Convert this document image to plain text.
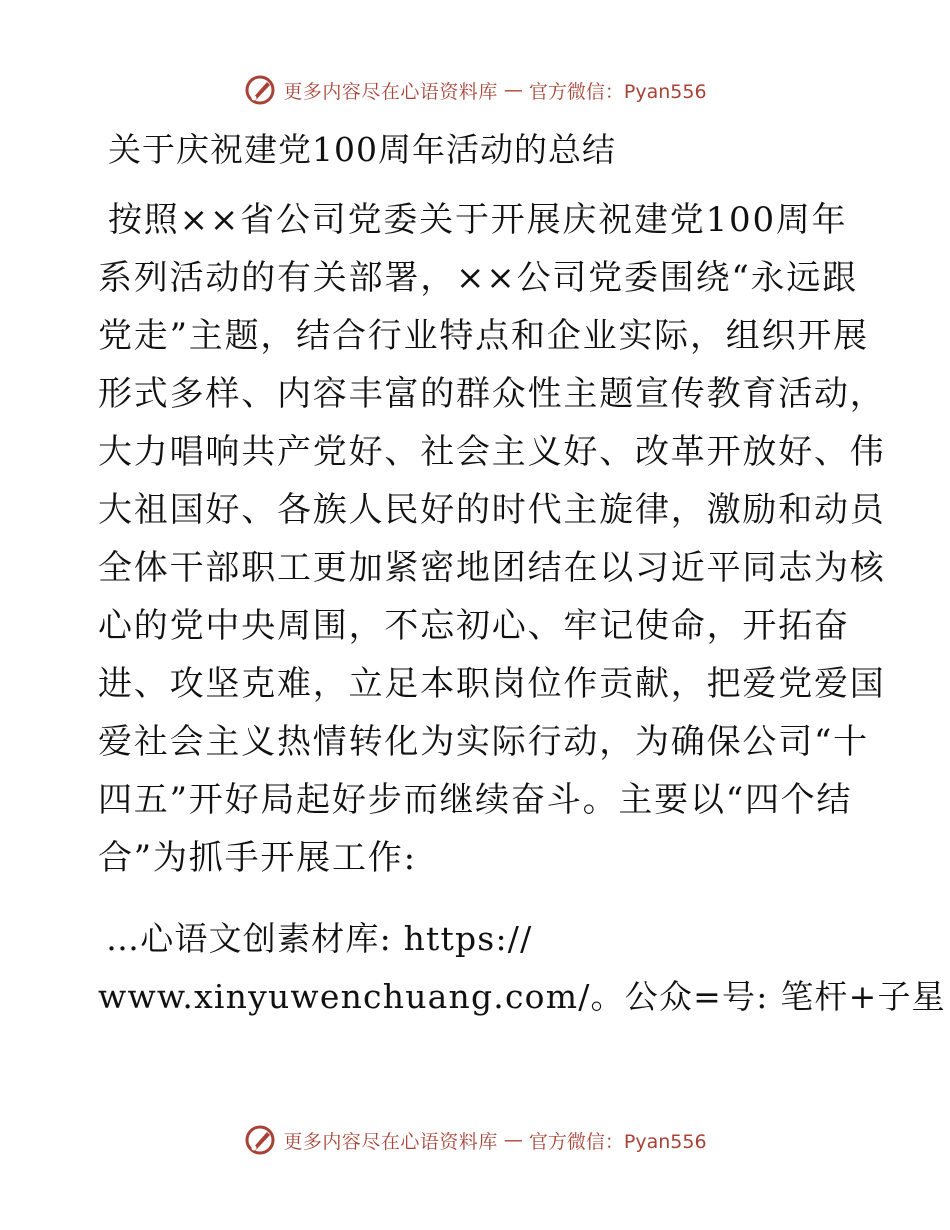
更多内容尽在心语资料库 — 官方微信：Pyan556
关于庆祝建党100周年活动的总结
按照××省公司党委关于开展庆祝建党100周年
系列活动的有关部署，××公司党委围绕“永远跟
党走”主题，结合行业特点和企业实际，组织开展
形式多样、内容丰富的群众性主题宣传教育活动，
大力唱响共产党好、社会主义好、改革开放好、伟
大祖国好、各族人民好的时代主旋律，激励和动员
全体干部职工更加紧密地团结在以习近平同志为核
心的党中央周围，不忘初心、牢记使命，开拓奋
进、攻坚克难，立足本职岗位作贡献，把爱党爱国
爱社会主义热情转化为实际行动，为确保公司“十
四五”开好局起好步而继续奋斗。主要以“四个结
合”为抓手开展工作:
…心语文创素材库: https://
www.xinyuwenchuang.com/。公众=号: 笔杆+子星
更多内容尽在心语资料库 — 官方微信：Pyan556
